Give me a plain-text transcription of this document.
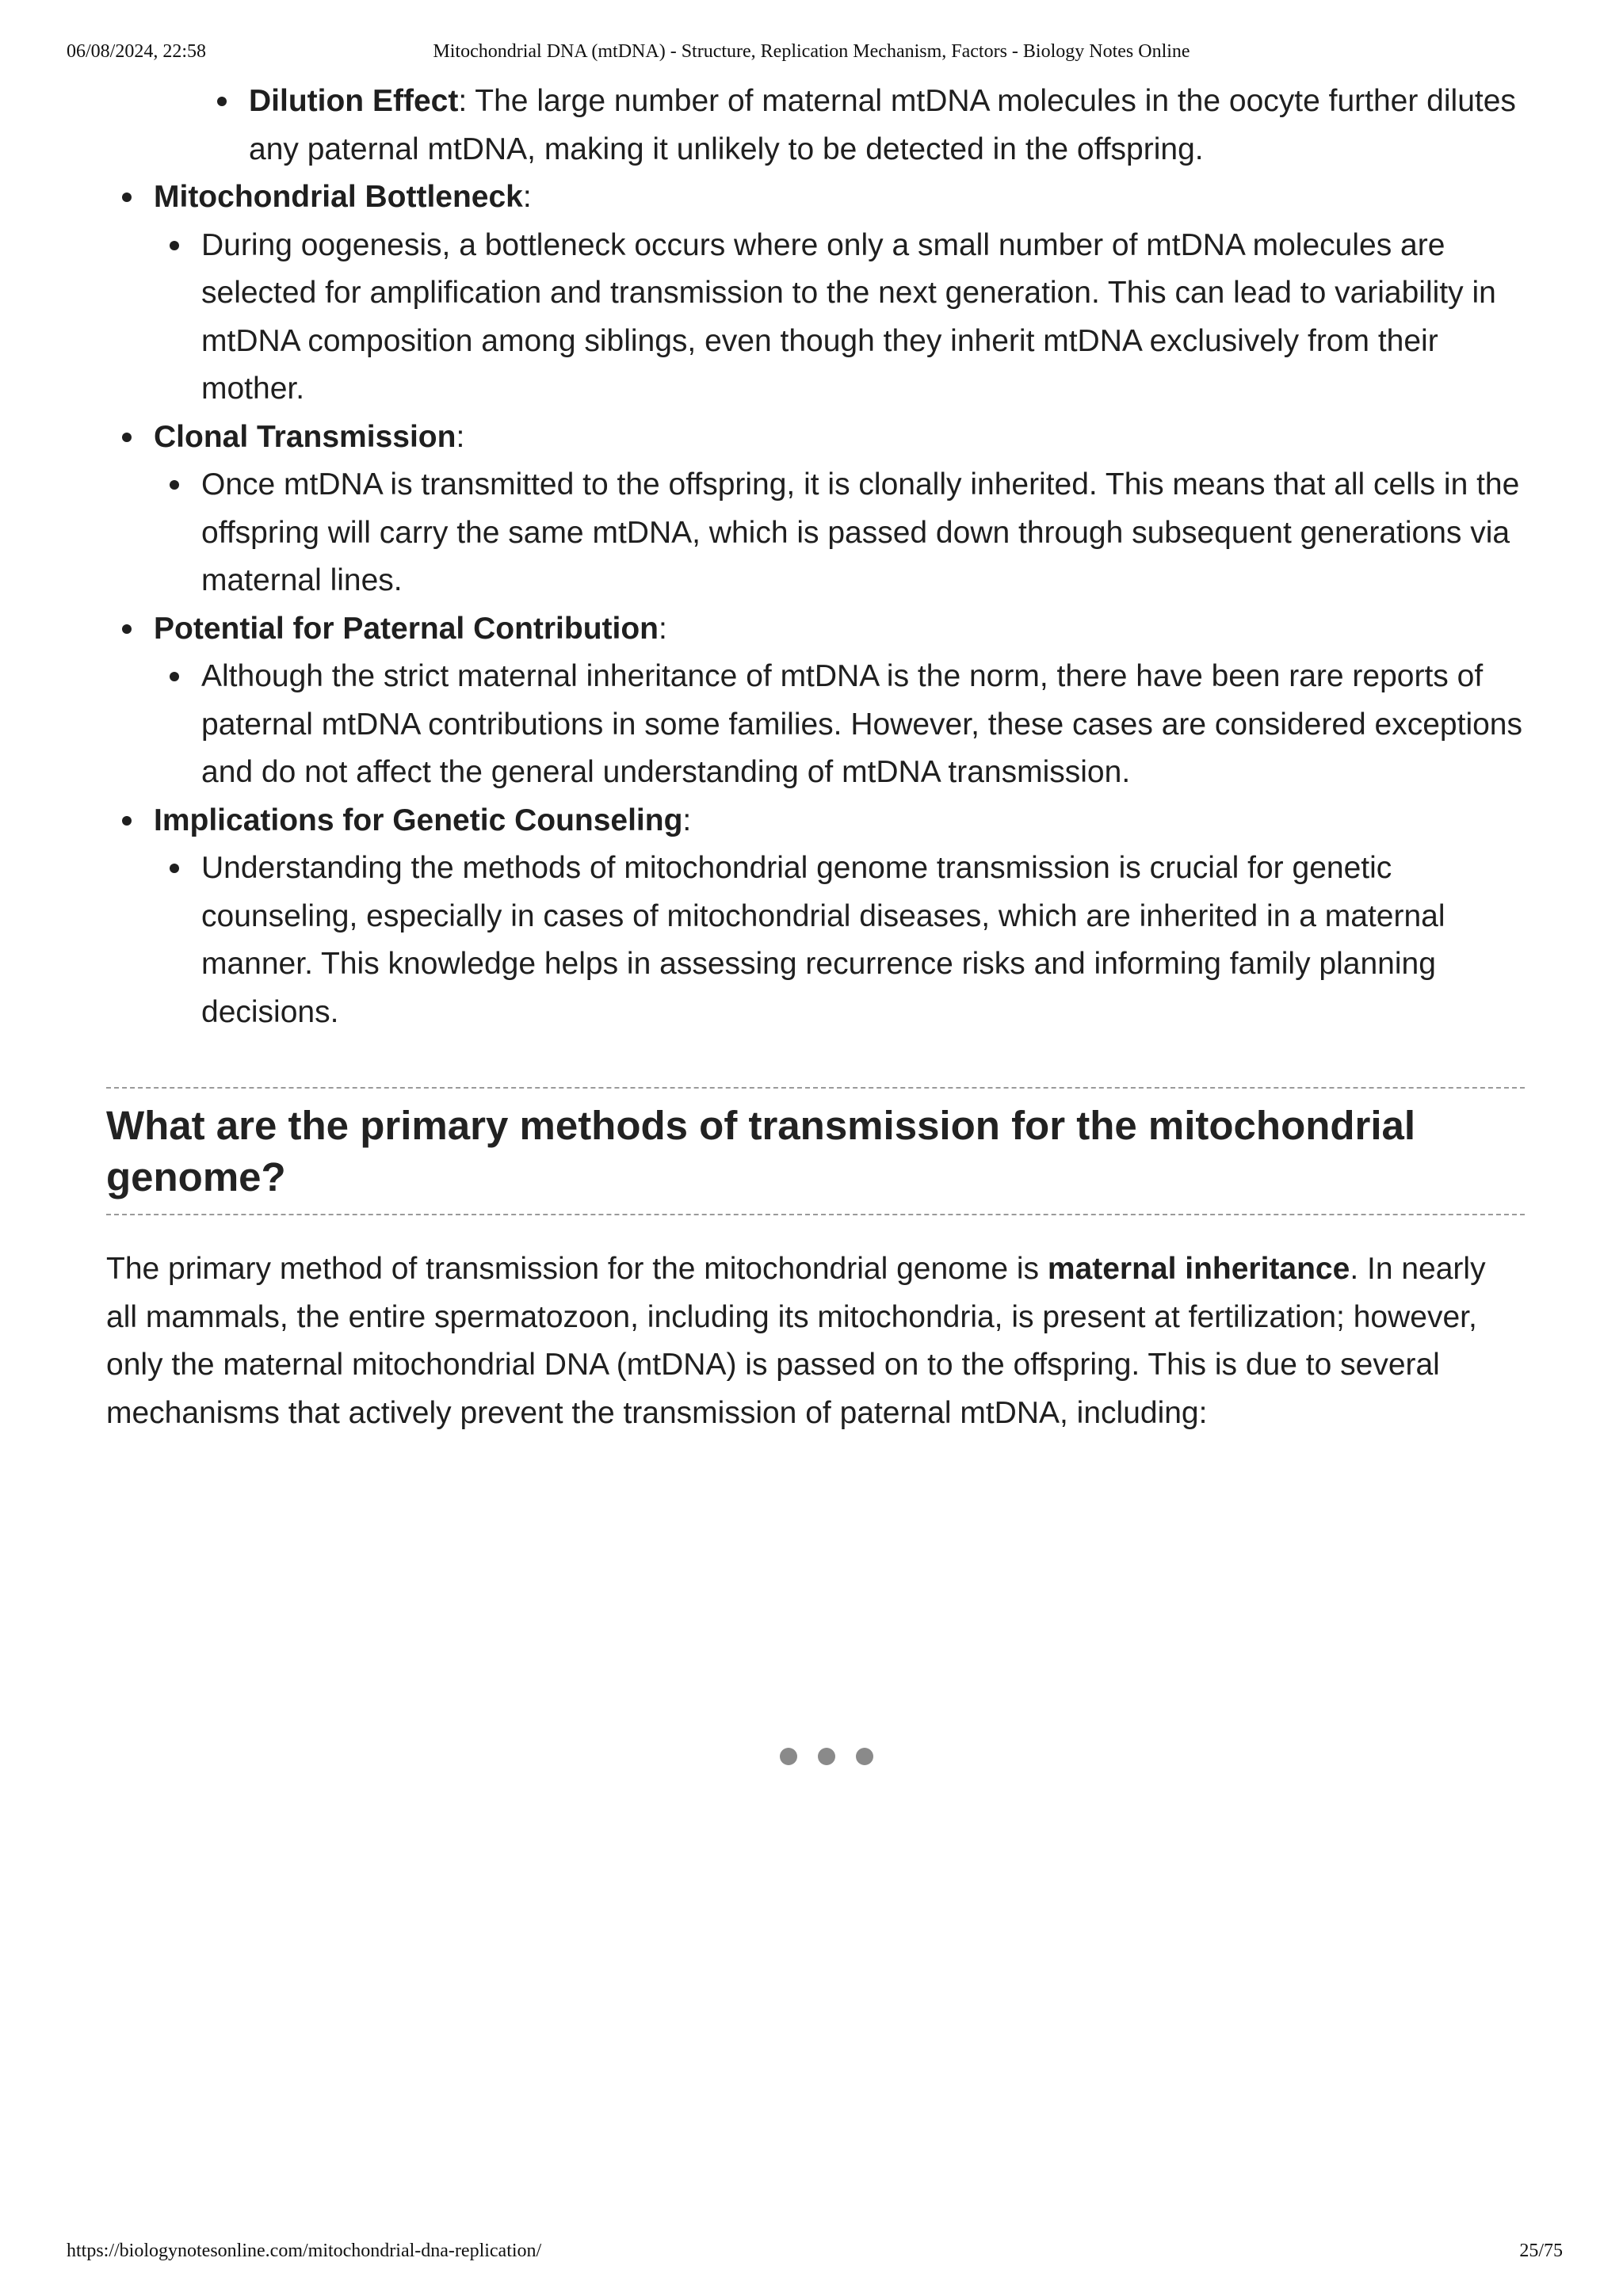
06/08/2024, 22:58	Mitochondrial DNA (mtDNA) - Structure, Replication Mechanism, Factors - Biology Notes Online
Dilution Effect: The large number of maternal mtDNA molecules in the oocyte further dilutes any paternal mtDNA, making it unlikely to be detected in the offspring.
Mitochondrial Bottleneck:
During oogenesis, a bottleneck occurs where only a small number of mtDNA molecules are selected for amplification and transmission to the next generation. This can lead to variability in mtDNA composition among siblings, even though they inherit mtDNA exclusively from their mother.
Clonal Transmission:
Once mtDNA is transmitted to the offspring, it is clonally inherited. This means that all cells in the offspring will carry the same mtDNA, which is passed down through subsequent generations via maternal lines.
Potential for Paternal Contribution:
Although the strict maternal inheritance of mtDNA is the norm, there have been rare reports of paternal mtDNA contributions in some families. However, these cases are considered exceptions and do not affect the general understanding of mtDNA transmission.
Implications for Genetic Counseling:
Understanding the methods of mitochondrial genome transmission is crucial for genetic counseling, especially in cases of mitochondrial diseases, which are inherited in a maternal manner. This knowledge helps in assessing recurrence risks and informing family planning decisions.
What are the primary methods of transmission for the mitochondrial genome?

The primary method of transmission for the mitochondrial genome is maternal inheritance. In nearly all mammals, the entire spermatozoon, including its mitochondria, is present at fertilization; however, only the maternal mitochondrial DNA (mtDNA) is passed on to the offspring. This is due to several mechanisms that actively prevent the transmission of paternal mtDNA, including:

https://biologynotesonline.com/mitochondrial-dna-replication/	25/75
